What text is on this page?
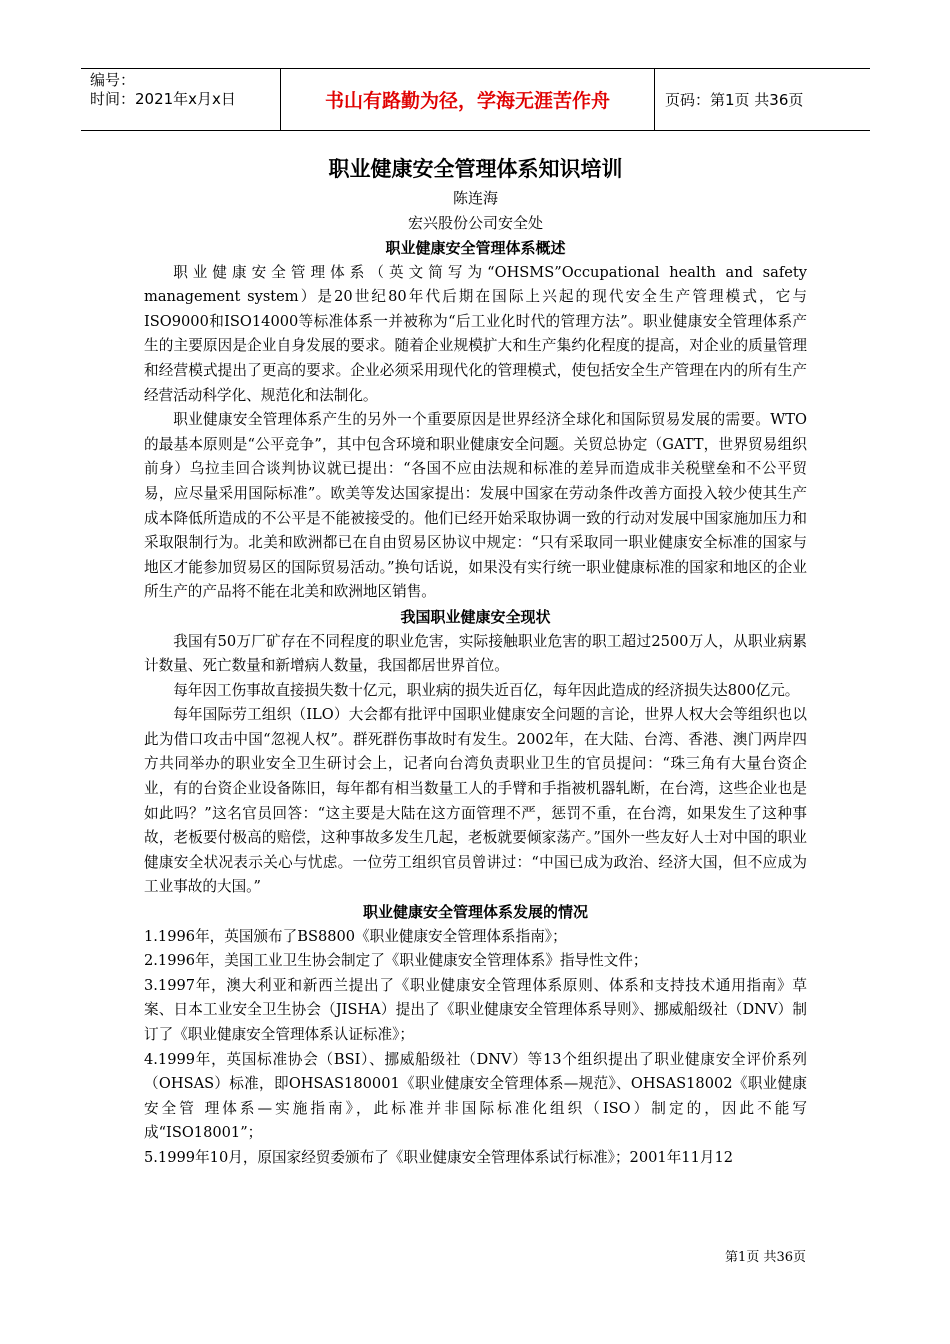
编号：
时间：2021年x月x日	书山有路勤为径，学海无涯苦作舟	页码：第1页 共36页

职业健康安全管理体系知识培训

陈连海

宏兴股份公司安全处

职业健康安全管理体系概述

职业健康安全管理体系（英文简写为“OHSMS”Occupational health and safety management system）是20世纪80年代后期在国际上兴起的现代安全生产管理模式，它与ISO9000和ISO14000等标准体系一并被称为“后工业化时代的管理方法”。职业健康安全管理体系产生的主要原因是企业自身发展的要求。随着企业规模扩大和生产集约化程度的提高，对企业的质量管理和经营模式提出了更高的要求。企业必须采用现代化的管理模式，使包括安全生产管理在内的所有生产经营活动科学化、规范化和法制化。

职业健康安全管理体系产生的另外一个重要原因是世界经济全球化和国际贸易发展的需要。WTO的最基本原则是“公平竞争”，其中包含环境和职业健康安全问题。关贸总协定（GATT，世界贸易组织前身）乌拉圭回合谈判协议就已提出：“各国不应由法规和标准的差异而造成非关税壁垒和不公平贸易，应尽量采用国际标准”。欧美等发达国家提出：发展中国家在劳动条件改善方面投入较少使其生产成本降低所造成的不公平是不能被接受的。他们已经开始采取协调一致的行动对发展中国家施加压力和采取限制行为。北美和欧洲都已在自由贸易区协议中规定：“只有采取同一职业健康安全标准的国家与地区才能参加贸易区的国际贸易活动。”换句话说，如果没有实行统一职业健康标准的国家和地区的企业所生产的产品将不能在北美和欧洲地区销售。

我国职业健康安全现状

我国有50万厂矿存在不同程度的职业危害，实际接触职业危害的职工超过2500万人，从职业病累计数量、死亡数量和新增病人数量，我国都居世界首位。

每年因工伤事故直接损失数十亿元，职业病的损失近百亿，每年因此造成的经济损失达800亿元。

每年国际劳工组织（ILO）大会都有批评中国职业健康安全问题的言论，世界人权大会等组织也以此为借口攻击中国“忽视人权”。群死群伤事故时有发生。2002年，在大陆、台湾、香港、澳门两岸四方共同举办的职业安全卫生研讨会上，记者向台湾负责职业卫生的官员提问：“珠三角有大量台资企业，有的台资企业设备陈旧，每年都有相当数量工人的手臂和手指被机器轧断，在台湾，这些企业也是如此吗？”这名官员回答：“这主要是大陆在这方面管理不严，惩罚不重，在台湾，如果发生了这种事故，老板要付极高的赔偿，这种事故多发生几起，老板就要倾家荡产。”国外一些友好人士对中国的职业健康安全状况表示关心与忧虑。一位劳工组织官员曾讲过：“中国已成为政治、经济大国，但不应成为工业事故的大国。”

职业健康安全管理体系发展的情况

1.1996年，英国颁布了BS8800《职业健康安全管理体系指南》；

2.1996年，美国工业卫生协会制定了《职业健康安全管理体系》指导性文件；

3.1997年，澳大利亚和新西兰提出了《职业健康安全管理体系原则、体系和支持技术通用指南》草案、日本工业安全卫生协会（JISHA）提出了《职业健康安全管理体系导则》、挪威船级社（DNV）制订了《职业健康安全管理体系认证标准》；

4.1999年，英国标准协会（BSI）、挪威船级社（DNV）等13个组织提出了职业健康安全评价系列（OHSAS）标准，即OHSAS180001《职业健康安全管理体系—规范》、OHSAS18002《职业健康安全管 理体系—实施指南》，此标准并非国际标准化组织（ISO）制定的，因此不能写成“ISO18001”；

5.1999年10月，原国家经贸委颁布了《职业健康安全管理体系试行标准》；2001年11月12

第1页 共36页
